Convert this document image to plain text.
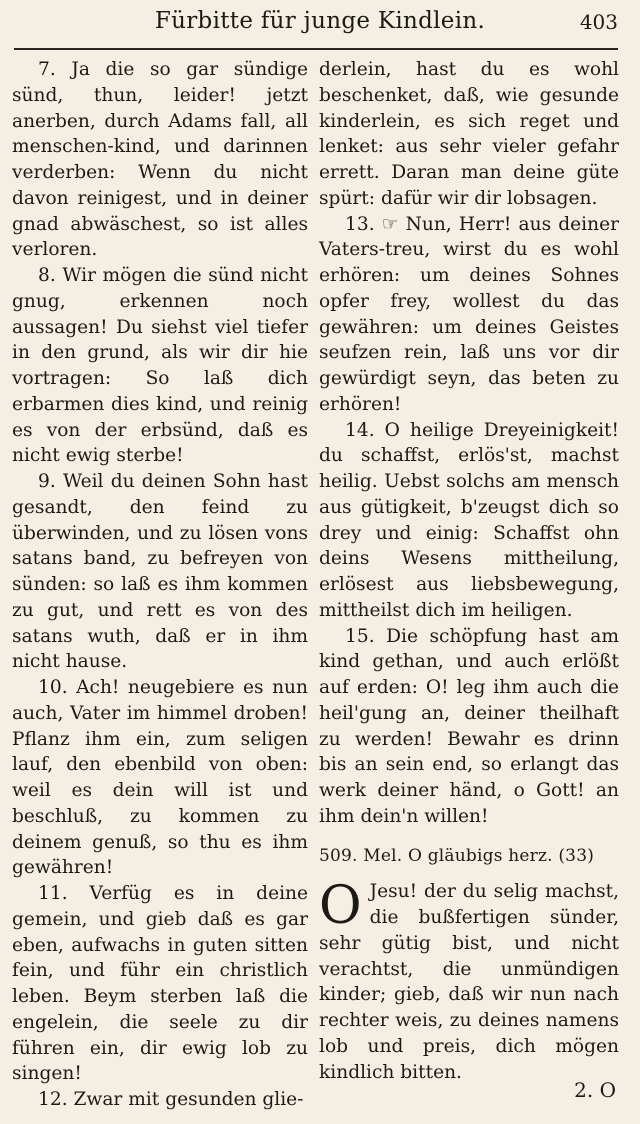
Fürbitte für junge Kindlein.	403

7. Ja die so gar sündige sünd, thun, leider! jetzt anerben, durch Adams fall, all menschen-kind, und darinnen verderben: Wenn du nicht davon reinigest, und in deiner gnad abwäschest, so ist alles verloren.

8. Wir mögen die sünd nicht gnug, erkennen noch aussagen! Du siehst viel tiefer in den grund, als wir dir hie vortragen: So laß dich erbarmen dies kind, und reinig es von der erbsünd, daß es nicht ewig sterbe!

9. Weil du deinen Sohn hast gesandt, den feind zu überwinden, und zu lösen vons satans band, zu befreyen von sünden: so laß es ihm kommen zu gut, und rett es von des satans wuth, daß er in ihm nicht hause.

10. Ach! neugebiere es nun auch, Vater im himmel droben! Pflanz ihm ein, zum seligen lauf, den ebenbild von oben: weil es dein will ist und beschluß, zu kommen zu deinem genuß, so thu es ihm gewähren!

11. Verfüg es in deine gemein, und gieb daß es gar eben, aufwachs in guten sitten fein, und führ ein christlich leben. Beym sterben laß die engelein, die seele zu dir führen ein, dir ewig lob zu singen!

12. Zwar mit gesunden glie-

derlein, hast du es wohl beschenket, daß, wie gesunde kinderlein, es sich reget und lenket: aus sehr vieler gefahr errett. Daran man deine güte spürt: dafür wir dir lobsagen.

13. ☞ Nun, Herr! aus deiner Vaters-treu, wirst du es wohl erhören: um deines Sohnes opfer frey, wollest du das gewähren: um deines Geistes seufzen rein, laß uns vor dir gewürdigt seyn, das beten zu erhören!

14. O heilige Dreyeinigkeit! du schaffst, erlös'st, machst heilig. Uebst solchs am mensch aus gütigkeit, b'zeugst dich so drey und einig: Schaffst ohn deins Wesens mittheilung, erlösest aus liebsbewegung, mittheilst dich im heiligen.

15. Die schöpfung hast am kind gethan, und auch erlößt auf erden: O! leg ihm auch die heil'gung an, deiner theilhaft zu werden! Bewahr es drinn bis an sein end, so erlangt das werk deiner händ, o Gott! an ihm dein'n willen!

509. Mel. O gläubigs herz. (33)

O Jesu! der du selig machst, die bußfertigen sünder, sehr gütig bist, und nicht verachtst, die unmündigen kinder; gieb, daß wir nun nach rechter weis, zu deines namens lob und preis, dich mögen kindlich bitten.

2. O
